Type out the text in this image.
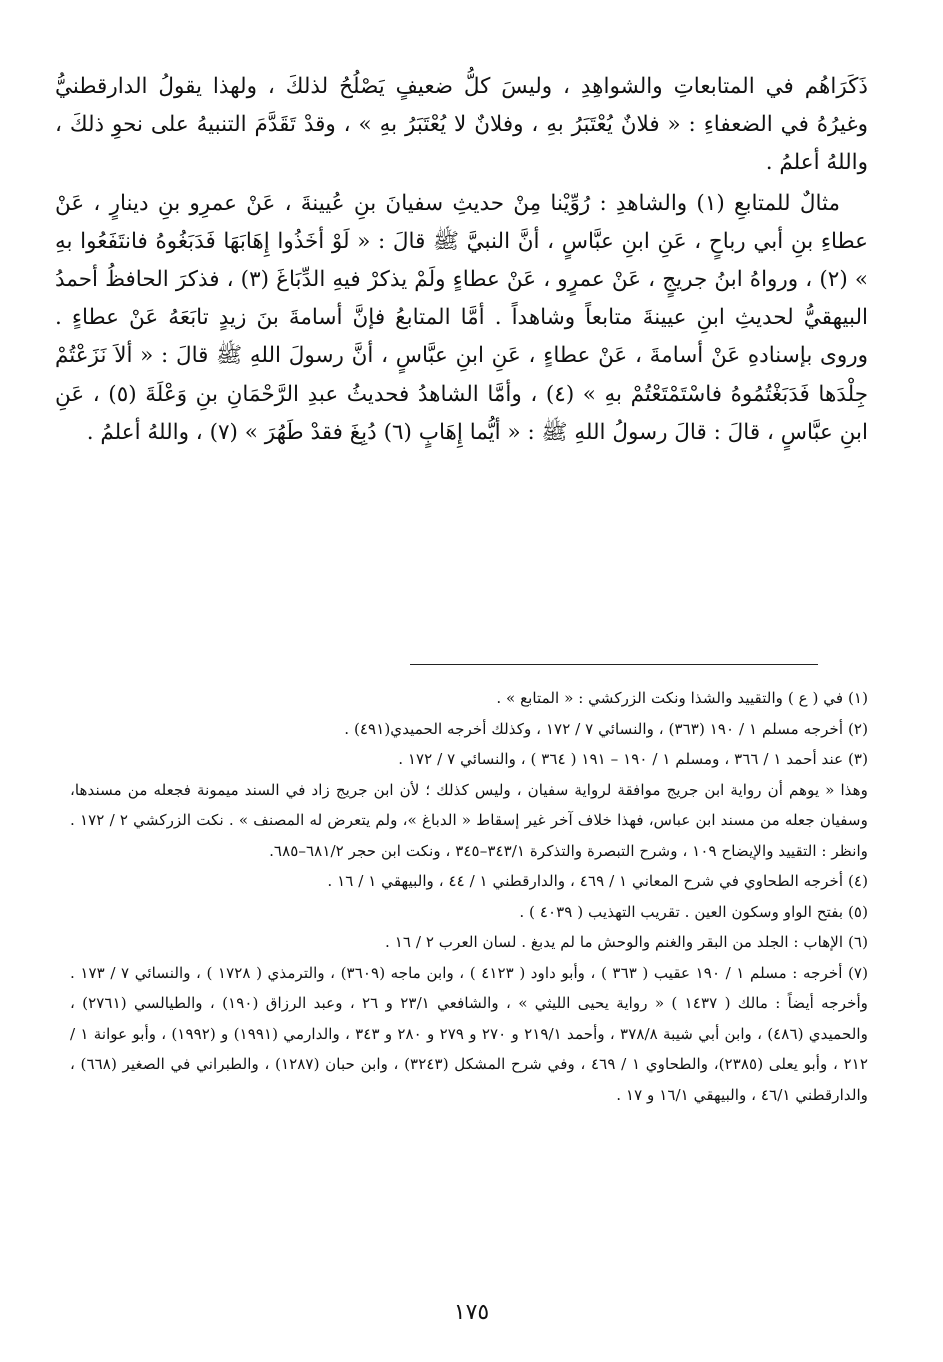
ذَكَرَاهُم في المتابعاتِ والشواهِدِ ، وليسَ كلُّ ضعيفٍ يَصْلُحُ لذلكَ ، ولهذا يقولُ الدارقطنيُّ وغيرُهُ في الضعفاءِ : « فلانٌ يُعْتَبَرُ بهِ ، وفلانٌ لا يُعْتَبَرُ بهِ » ، وقدْ تَقَدَّمَ التنبيهُ على نحوِ ذلكَ ، واللهُ أعلمُ .

مثالٌ للمتابعِ (١) والشاهدِ : رُوِّيْنا مِنْ حديثِ سفيانَ بنِ عُيينةَ ، عَنْ عمرِو بنِ دينارٍ ، عَنْ عطاءِ بنِ أبي رباحٍ ، عَنِ ابنِ عبَّاسٍ ، أنَّ النبيَّ ﷺ قالَ : « لَوْ أخَذُوا إِهَابَهَا فَدَبَغُوهُ فانتَفَعُوا بهِ » (٢) ، ورواهُ ابنُ جريجٍ ، عَنْ عمرٍو ، عَنْ عطاءٍ ولَمْ يذكرْ فيهِ الدِّبَاغَ (٣) ، فذكرَ الحافظُ أحمدُ البيهقيُّ لحديثِ ابنِ عيينةَ متابعاً وشاهداً . أمَّا المتابعُ فإنَّ أسامةَ بنَ زيدٍ تابَعَهُ عَنْ عطاءٍ . وروى بإسنادهِ عَنْ أسامةَ ، عَنْ عطاءٍ ، عَنِ ابنِ عبَّاسٍ ، أنَّ رسولَ اللهِ ﷺ قالَ : « ألاَ نَزَعْتُمْ جِلْدَها فَدَبَغْتُمُوهُ فاسْتَمْتَعْتُمْ بهِ » (٤) ، وأمَّا الشاهدُ فحديثُ عبدِ الرَّحْمَانِ بنِ وَعْلَةَ (٥) ، عَنِ ابنِ عبَّاسٍ ، قالَ : قالَ رسولُ اللهِ ﷺ : « أيُّما إِهَابٍ (٦) دُبِغَ فقدْ طَهُرَ » (٧) ، واللهُ أعلمُ .

(١) في ( ع ) والتقييد والشذا ونكت الزركشي : « المتابع » .

(٢) أخرجه مسلم ١ / ١٩٠ (٣٦٣) ، والنسائي ٧ / ١٧٢ ، وكذلك أخرجه الحميدي(٤٩١) .

(٣) عند أحمد ١ / ٣٦٦ ، ومسلم ١ / ١٩٠ – ١٩١ ( ٣٦٤ ) ، والنسائي ٧ / ١٧٢ .

وهذا « يوهم أن رواية ابن جريج موافقة لرواية سفيان ، وليس كذلك ؛ لأن ابن جريج زاد في السند ميمونة فجعله من مسندها، وسفيان جعله من مسند ابن عباس، فهذا خلاف آخر غير إسقاط « الدباغ »، ولم يتعرض له المصنف » . نكت الزركشي ٢ / ١٧٢ . وانظر : التقييد والإيضاح ١٠٩ ، وشرح التبصرة والتذكرة ٣٤٣/١–٣٤٥ ، ونكت ابن حجر ٦٨١/٢–٦٨٥.

(٤) أخرجه الطحاوي في شرح المعاني ١ / ٤٦٩ ، والدارقطني ١ / ٤٤ ، والبيهقي ١ / ١٦ .

(٥) بفتح الواو وسكون العين . تقريب التهذيب ( ٤٠٣٩ ) .

(٦) الإهاب : الجلد من البقر والغنم والوحش ما لم يدبغ . لسان العرب ٢ / ١٦ .

(٧) أخرجه : مسلم ١ / ١٩٠ عقيب ( ٣٦٣ ) ، وأبو داود ( ٤١٢٣ ) ، وابن ماجه (٣٦٠٩) ، والترمذي ( ١٧٢٨ ) ، والنسائي ٧ / ١٧٣ . وأخرجه أيضاً : مالك ( ١٤٣٧ ) « رواية يحيى الليثي » ، والشافعي ٢٣/١ و ٢٦ ، وعبد الرزاق (١٩٠) ، والطيالسي (٢٧٦١) ، والحميدي (٤٨٦) ، وابن أبي شيبة ٣٧٨/٨ ، وأحمد ٢١٩/١ و ٢٧٠ و ٢٧٩ و ٢٨٠ و ٣٤٣ ، والدارمي (١٩٩١) و (١٩٩٢) ، وأبو عوانة ١ / ٢١٢ ، وأبو يعلى (٢٣٨٥)، والطحاوي ١ / ٤٦٩ ، وفي شرح المشكل (٣٢٤٣) ، وابن حبان (١٢٨٧) ، والطبراني في الصغير (٦٦٨) ، والدارقطني ٤٦/١ ، والبيهقي ١٦/١ و ١٧ .

١٧٥
